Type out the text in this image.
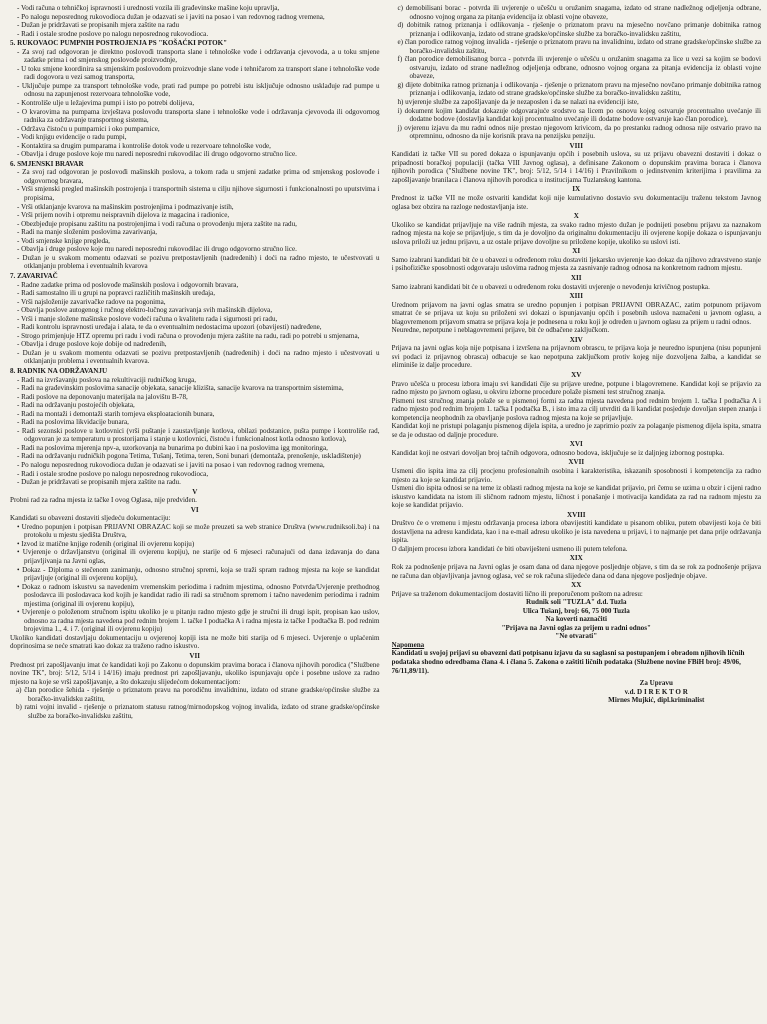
- Vodi računa o tehničkoj ispravnosti i urednosti vozila ili građevinske mašine koju upravlja,
- Po nalogu neposrednog rukovodioca dužan je odazvati se i javiti na posao i van redovnog radnog vremena,
- Dužan je pridržavati se propisanih mjera zaštite na radu
- Radi i ostale srodne poslove po nalogu neposrednog rukovodioca.
5. RUKOVAOC PUMPNIH POSTROJENJA PS "KOŠAĆKI POTOK"
- Za svoj rad odgovoran je direktno poslovođi transporta slane i tehnološke vode i održavanja cjevovoda, a u toku smjene zadatke prima i od smjenskog poslovođe proizvodnje,
- U toku smjene koordinira sa smjenskim poslovođom proizvodnje slane vode i tehničarom za transport slane i tehnološke vode radi dogovora u vezi samog transporta,
- Uključuje pumpe za transport tehnološke vode, prati rad pumpe po potrebi istu isključuje odnosno usklađuje rad pumpe u odnosu na zapunjenost rezervoara tehnološke vode,
- Kontroliše ulje u ležajevima pumpi i isto po potrebi dolijeva,
- O kvarovima na pumpama izvještava poslovođu transporta slane i tehnološke vode i održavanja cjevovoda ili odgovornog radnika za održavanje transportnog sistema,
- Održava čistoću u pumparnici i oko pumparnice,
- Vodi knjigu evidencije o radu pumpi,
- Kontaktira sa drugim pumparama i kontroliše dotok vode u rezervoare tehnološke vode,
- Obavlja i druge poslove koje mu naredi neposredni rukovodilac ili drugo odgovorno stručno lice.
6. SMJENSKI BRAVAR
- Za svoj rad odgovoran je poslovođi mašinskih poslova, a tokom rada u smjeni zadatke prima od smjenskog poslovođe i odgovornog bravara,
- Vrši smjenski pregled mašinskih postrojenja i transportnih sistema u cilju njihove sigurnosti i funkcionalnosti po uputstvima i propisima,
- Vrši otklanjanje kvarova na mašinskim postrojenjima i podmazivanje istih,
- Vrši prijem novih i otpremu neispravnih dijelova iz magacina i radionice,
- Obezbjeđuje propisanu zaštitu na postrojenjima i vodi računa o provođenju mjera zaštite na radu,
- Radi na manje složenim poslovima zavarivanja,
- Vodi smjenske knjige pregleda,
- Obavlja i druge poslove koje mu naredi neposredni rukovodilac ili drugo odgovorno stručno lice.
- Dužan je u svakom momentu odazvati se pozivu pretpostavljenih (nadređenih) i doći na radno mjesto, te učestvovati u otklanjanju problema i eventualnih kvarova
7. ZAVARIVAČ
- Radne zadatke prima od poslovođe mašinskih poslova i odgovornih bravara,
- Radi samostalno ili u grupi na popravci različitih mašinskih uređaja,
- Vrši najsloženije zavarivačke radove na pogonima,
- Obavlja poslove autogenog i ručnog elektro-lučnog zavarivanja svih mašinskih dijelova,
- Vrši i manje složene mašinske poslove vodeći računa o kvalitetu rada i sigurnosti pri radu,
- Radi kontrolu ispravnosti uređaja i alata, te da o eventualnim nedostacima upozori (obavijesti) nadređene,
- Strogo primjenjuje HTZ opremu pri radu i vodi računa o provođenju mjera zaštite na radu, radi po potrebi u smjenama,
- Obavlja i druge poslove koje dobije od nadređenih,
- Dužan je u svakom momentu odazvati se pozivu pretpostavljenih (nadređenih) i doći na radno mjesto i učestvovati u otklanjanju problema i eventualnih kvarova.
8. RADNIK NA ODRŽAVANJU
- Radi na izvršavanju poslova na rekultivaciji rudničkog kruga,
- Radi na građevinskim poslovima sanacije objekata, sanacije klizišta, sanacije kvarova na transportnim sistemima,
- Radi poslove na deponovanju materijala na jalovištu B-78,
- Radi na održavanju postojećih objekata,
- Radi na montaži i demontaži starih tornjeva eksploatacionih bunara,
- Radi na poslovima likvidacije bunara,
- Radi sezonski poslove u kotlovnici (vrši puštanje i zaustavljanje kotlova, obilazi podstanice, pušta pumpe i kontroliše rad, odgovoran je za temperaturu u prostorijama i stanje u kotlovnici, čistoću i funkcionalnost kotla odnosno kotlova),
- Radi na poslovima mjerenja npv-a, uzorkovanja na bunarima po dubini kao i na poslovima igg monitoringa,
- Radi na održavanju rudničkih pogona Tetima, Tušanj, Tetima, teren, Soni bunari (demontaža, prenošenje, uskladištenje)
- Po nalogu neposrednog rukovodioca dužan je odazvati se i javiti na posao i van redovnog radnog vremena,
- Radi i ostale srodne poslove po nalogu neposrednog rukovodioca,
- Dužan je pridržavati se propisanih mjera zaštite na radu.
V
Probni rad za radna mjesta iz tačke I ovog Oglasa, nije predviđen.
VI
Kandidati su obavezni dostaviti sljedeću dokumentaciju:
• Uredno popunjen i potpisan PRIJAVNI OBRAZAC koji se može preuzeti sa web stranice Društva (www.rudniksoli.ba) i na protokolu u mjestu sjedišta Društva,
• Izvod iz matične knjige rođenih (original ili ovjerenu kopiju)
• Uvjerenje o državljanstvu (original ili ovjerenu kopiju), ne starije od 6 mjeseci računajući od dana izdavanja do dana prijavljivanja na Javni oglas,
• Dokaz - Diploma o stečenom zanimanju, odnosno stručnoj spremi, koja se traži spram radnog mjesta na koje se kandidat prijavljuje (original ili ovjerenu kopiju),
• Dokaz o radnom iskustvu sa navedenim vremenskim periodima i radnim mjestima, odnosno Potvrda/Uvjerenje prethodnog poslodavca ili poslodavaca kod kojih je kandidat radio ili radi sa stručnom spremom i tačno navedenim periodima i radnim mjestima (original ili ovjerenu kopiju),
• Uvjerenje o položenom stručnom ispitu ukoliko je u pitanju radno mjesto gdje je stručni ili drugi ispit, propisan kao uslov, odnosno za radna mjesta navedena pod rednim brojem 1. tačke I podtačka A i radna mjesta iz tačke I podtačka B. pod rednim brojevima 1., 4. i 7. (original ili ovjerenu kopiju)
Ukoliko kandidati dostavljaju dokumentaciju u ovjerenoj kopiji ista ne može biti starija od 6 mjeseci. Uvjerenje o uplaćenim doprinosima se neće smatrati kao dokaz za traženo radno iskustvo.
VII
Prednost pri zapošljavanju imat će kandidati koji po Zakonu o dopunskim pravima boraca i članova njihovih porodica ("Službene novine TK", broj: 5/12, 5/14 i 14/16) imaju prednost pri zapošljavanju, ukoliko ispunjavaju opće i posebne uslove za radno mjesto na koje se vrši zapošljavanje, a što dokazuju slijedećom dokumentacijom:
a) član porodice šehida - rješenje o priznatom pravu na porodičnu invalidninu, izdato od strane gradske/općinske službe za boračko-invalidsku zaštitu,
b) ratni vojni invalid - rješenje o priznatom statusu ratnog/mirnodopskog vojnog invalida, izdato od strane gradske/općinske službe za boračko-invalidsku zaštitu,
c) demobilisani borac - potvrda ili uvjerenje o učešću u oružanim snagama, izdato od strane nadležnog odjeljenja odbrane, odnosno vojnog organa za pitanja evidencija iz oblasti vojne obaveze,
d) dobitnik ratnog priznanja i odlikovanja - rješenje o priznatom pravu na mjesečno novčano primanje dobitnika ratnog priznanja i odlikovanja, izdato od strane gradske/općinske službe za boračko-invalidsku zaštitu,
e) član porodice ratnog vojnog invalida - rješenje o priznatom pravu na invalidninu, izdato od strane gradske/općinske službe za boračko-invalidsku zaštitu,
f) član porodice demobilisanog borca - potvrda ili uvjerenje o učešću u oružanim snagama za lice u vezi sa kojim se bodovi ostvaruju, izdato od strane nadležnog odjeljenja odbrane, odnosno vojnog organa za pitanja evidencija iz oblasti vojne obaveze,
g) dijete dobitnika ratnog priznanja i odlikovanja - rješenje o priznatom pravu na mjesečno novčano primanje dobitnika ratnog priznanja i odlikovanja, izdato od strane gradske/općinske službe za boračko-invalidsku zaštitu,
h) uvjerenje službe za zapošljavanje da je nezaposlen i da se nalazi na evidenciji iste,
i) dokument kojim kandidat dokazuje odgovarajuće srodstvo sa licem po osnovu kojeg ostvaruje procentualno uvećanje ili dodatne bodove (dostavlja kandidat koji procentualno uvećanje ili dodatne bodove ostvaruje kao član porodice),
j) ovjerenu izjavu da mu radni odnos nije prestao njegovom krivicom, da po prestanku radnog odnosa nije ostvario pravo na otpremninu, odnosno da nije korisnik prava na penzijsku penziju.
VIII
Kandidati iz tačke VII su pored dokaza o ispunjavanju općih i posebnih uslova, su uz prijavu obavezni dostaviti i dokaz o pripadnosti boračkoj populaciji (tačka VIII Javnog oglasa), a definisane Zakonom o dopunskim pravima boraca i članova njihovih porodica ("Službene novine TK", broj: 5/12, 5/14 i 14/16) i Pravilnikom o jedinstvenim kriterijima i pravilima za zapošljavanje branilaca i članova njihovih porodica u institucijama Tuzlanskog kantona.
IX
Prednost iz tačke VII ne može ostvariti kandidat koji nije kumulativno dostavio svu dokumentaciju traženu tekstom Javnog oglasa bez obzira na razloge nedostavljanja iste.
X
Ukoliko se kandidat prijavljuje na više radnih mjesta, za svako radno mjesto dužan je podnijeti posebnu prijavu za naznakom radnog mjesta na koje se prijavljuje, s tim da je dovoljno da originalnu dokumentaciju ili ovjerene kopije dokaza o ispunjavanju uslova priloži uz jednu prijavu, a uz ostale prijave dovoljne su priložene kopije, ukoliko su uslovi isti.
XI
Samo izabrani kandidati bit će u obavezi u određenom roku dostaviti ljekarsko uvjerenje kao dokaz da njihovo zdravstveno stanje i psihofizičke sposobnosti odgovaraju uslovima radnog mjesta za zasnivanje radnog odnosa na konkretnom radnom mjestu.
XII
Samo izabrani kandidati bit će u obavezi u određenom roku dostaviti uvjerenje o nevođenju krivičnog postupka.
XIII
Urednom prijavom na javni oglas smatra se uredno popunjen i potpisan PRIJAVNI OBRAZAC, zatim potpunom prijavom smatrat će se prijava uz koju su priloženi svi dokazi o ispunjavanju općih i posebnih uslova naznačeni u javnom oglasu, a blagovremenom prijavom smatra se prijava koja je podnesena u roku koji je određen u javnom oglasu za prijem u radni odnos.
Neuredne, nepotpune i neblagovremeni prijave, bit će odbačene zaključkom.
XIV
Prijava na javni oglas koja nije potpisana i izvršena na prijavnom obrascu, te prijava koja je neuredno ispunjena (nisu popunjeni svi podaci iz prijavnog obrasca) odbacuje se kao nepotpuna zaključkom protiv kojeg nije dozvoljena žalba, a kandidat se eliminiše iz dalje procedure.
XV
Pravo učešća u procesu izbora imaju svi kandidati čije su prijave uredne, potpune i blagovremene. Kandidat koji se prijavio za radno mjesto po javnom oglasu, u okviru izborne procedure polaže pismeni test stručnog znanja.
Pismeni test stručnog znanja polaže se u pismenoj formi za radna mjesta navedena pod rednim brojem 1. tačka I podtačka A i radno mjesto pod rednim brojem 1. tačka I podtačka B., i isto ima za cilj utvrditi da li kandidat posjeduje dovoljan stepen znanja i kompetencija neophodnih za obavljanje poslova radnog mjesta na koje se prijavljuje.
Kandidat koji ne pristupi polaganju pismenog dijela ispita, a uredno je zaprimio poziv za polaganje pismenog dijela ispita, smatra se da je odustao od daljnje procedure.
XVI
Kandidat koji ne ostvari dovoljan broj tačnih odgovora, odnosno bodova, isključuje se iz daljnjeg izbornog postupka.
XVII
Usmeni dio ispita ima za cilj procjenu profesionalnih osobina i karakteristika, iskazanih sposobnosti i kompetencija za radno mjesto za koje se kandidat prijavio.
Usmeni dio ispita odnosi se na teme iz oblasti radnog mjesta na koje se kandidat prijavio, pri čemu se uzima u obzir i cijeni radno iskustvo kandidata na istom ili sličnom radnom mjestu, ličnost i ponašanje i motivacija kandidata za rad na radnom mjestu za koje se kandidat prijavio.
XVIII
Društvo će o vremenu i mjestu održavanja procesa izbora obavijestiti kandidate u pisanom obliku, putem obavijesti koja će biti dostavljena na adresu kandidata, kao i na e-mail adresu ukoliko je ista navedena u prijavi, i to najmanje pet dana prije održavanja ispita.
O daljnjem procesu izbora kandidati će biti obaviješteni usmeno ili putem telefona.
XIX
Rok za podnošenje prijava na Javni oglas je osam dana od dana njegove posljednje objave, s tim da se rok za podnošenje prijava ne računa dan objavljivanja javnog oglasa, već se rok računa slijedeće dana od dana njegove posljednje objave.
XX
Prijave sa traženom dokumentacijom dostaviti lično ili preporučenom poštom na adresu:
Rudnik soli "TUZLA" d.d. Tuzla
Ulica Tušanj, broj: 66, 75 000 Tuzla
Na koverti naznačiti
"Prijava na Javni oglas za prijem u radni odnos"
"Ne otvarati"
Napomena
Kandidati u svojoj prijavi su obavezni dati potpisanu izjavu da su saglasni sa postupanjem i obradom njihovih ličnih podataka shodno odredbama člana 4. i člana 5. Zakona o zaštiti ličnih podataka (Službene novine FBiH broj: 49/06, 76/11,89/11).
Za Upravu
v.d. D I R E K T O R
Mirnes Mujkić, dipl.kriminalist
